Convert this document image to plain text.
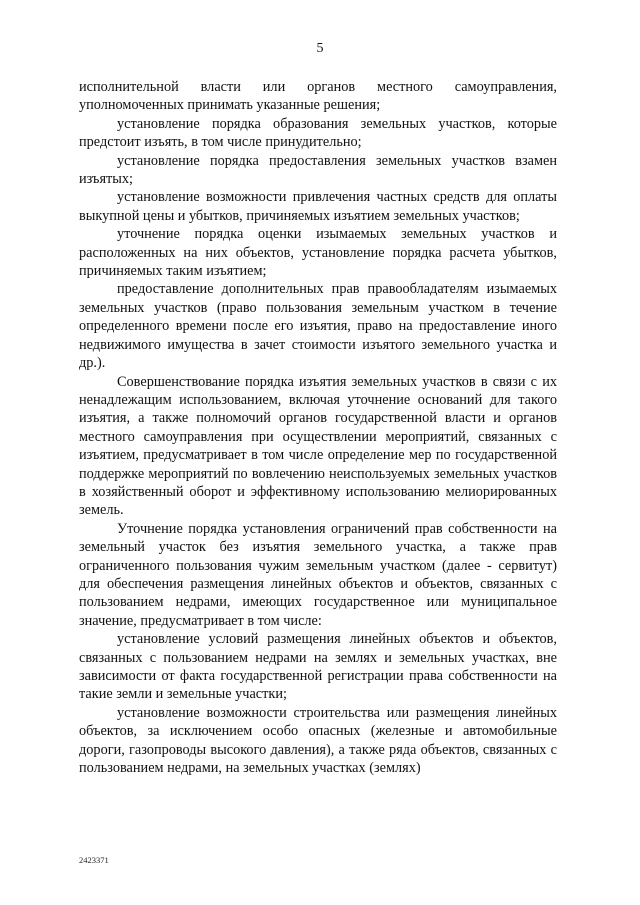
5

исполнительной власти или органов местного самоуправления, уполномоченных принимать указанные решения;

установление порядка образования земельных участков, которые предстоит изъять, в том числе принудительно;

установление порядка предоставления земельных участков взамен изъятых;

установление возможности привлечения частных средств для оплаты выкупной цены и убытков, причиняемых изъятием земельных участков;

уточнение порядка оценки изымаемых земельных участков и расположенных на них объектов, установление порядка расчета убытков, причиняемых таким изъятием;

предоставление дополнительных прав правообладателям изымаемых земельных участков (право пользования земельным участком в течение определенного времени после его изъятия, право на предоставление иного недвижимого имущества в зачет стоимости изъятого земельного участка и др.).

Совершенствование порядка изъятия земельных участков в связи с их ненадлежащим использованием, включая уточнение оснований для такого изъятия, а также полномочий органов государственной власти и органов местного самоуправления при осуществлении мероприятий, связанных с изъятием, предусматривает в том числе определение мер по государственной поддержке мероприятий по вовлечению неиспользуемых земельных участков в хозяйственный оборот и эффективному использованию мелиорированных земель.

Уточнение порядка установления ограничений прав собственности на земельный участок без изъятия земельного участка, а также прав ограниченного пользования чужим земельным участком (далее - сервитут) для обеспечения размещения линейных объектов и объектов, связанных с пользованием недрами, имеющих государственное или муниципальное значение, предусматривает в том числе:

установление условий размещения линейных объектов и объектов, связанных с пользованием недрами на землях и земельных участках, вне зависимости от факта государственной регистрации права собственности на такие земли и земельные участки;

установление возможности строительства или размещения линейных объектов, за исключением особо опасных (железные и автомобильные дороги, газопроводы высокого давления), а также ряда объектов, связанных с пользованием недрами, на земельных участках (землях)

2423371
